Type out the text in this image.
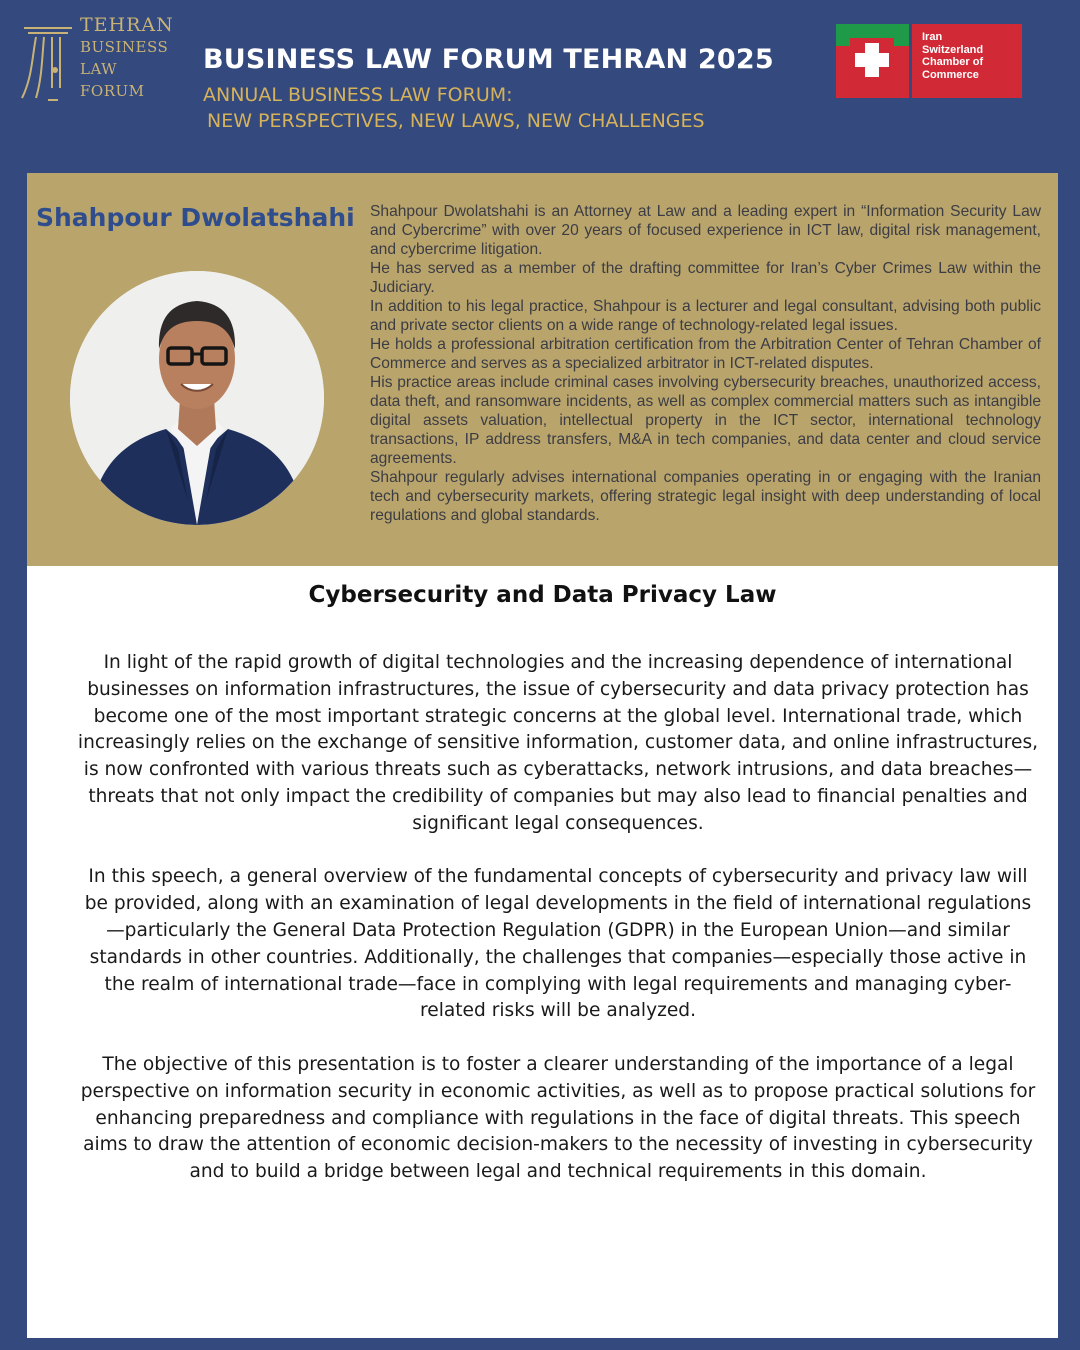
TEHRAN
BUSINESS
LAW
FORUM
BUSINESS LAW FORUM TEHRAN 2025
ANNUAL BUSINESS LAW FORUM:
NEW PERSPECTIVES, NEW LAWS, NEW CHALLENGES
Iran
Switzerland
Chamber of
Commerce
Shahpour Dwolatshahi Shahpour Dwolatshahi is an Attorney at Law and a leading expert in “Information Security Law and Cybercrime” with over 20 years of focused experience in ICT law, digital risk management, and cybercrime litigation.

He has served as a member of the drafting committee for Iran’s Cyber Crimes Law within the Judiciary.

In addition to his legal practice, Shahpour is a lecturer and legal consultant, advising both public and private sector clients on a wide range of technology-related legal issues.

He holds a professional arbitration certification from the Arbitration Center of Tehran Chamber of Commerce and serves as a specialized arbitrator in ICT-related disputes.

His practice areas include criminal cases involving cybersecurity breaches, unauthorized access, data theft, and ransomware incidents, as well as complex commercial matters such as intangible digital assets valuation, intellectual property in the ICT sector, international technology transactions, IP address transfers, M&A in tech companies, and data center and cloud service agreements.

Shahpour regularly advises international companies operating in or engaging with the Iranian tech and cybersecurity markets, offering strategic legal insight with deep understanding of local regulations and global standards.

Cybersecurity and Data Privacy Law

In light of the rapid growth of digital technologies and the increasing dependence of international businesses on information infrastructures, the issue of cybersecurity and data privacy protection has become one of the most important strategic concerns at the global level. International trade, which increasingly relies on the exchange of sensitive information, customer data, and online infrastructures, is now confronted with various threats such as cyberattacks, network intrusions, and data breaches—threats that not only impact the credibility of companies but may also lead to financial penalties and significant legal consequences.

In this speech, a general overview of the fundamental concepts of cybersecurity and privacy law will be provided, along with an examination of legal developments in the field of international regulations—particularly the General Data Protection Regulation (GDPR) in the European Union—and similar standards in other countries. Additionally, the challenges that companies—especially those active in the realm of international trade—face in complying with legal requirements and managing cyber-related risks will be analyzed.

The objective of this presentation is to foster a clearer understanding of the importance of a legal perspective on information security in economic activities, as well as to propose practical solutions for enhancing preparedness and compliance with regulations in the face of digital threats. This speech aims to draw the attention of economic decision-makers to the necessity of investing in cybersecurity and to build a bridge between legal and technical requirements in this domain.
